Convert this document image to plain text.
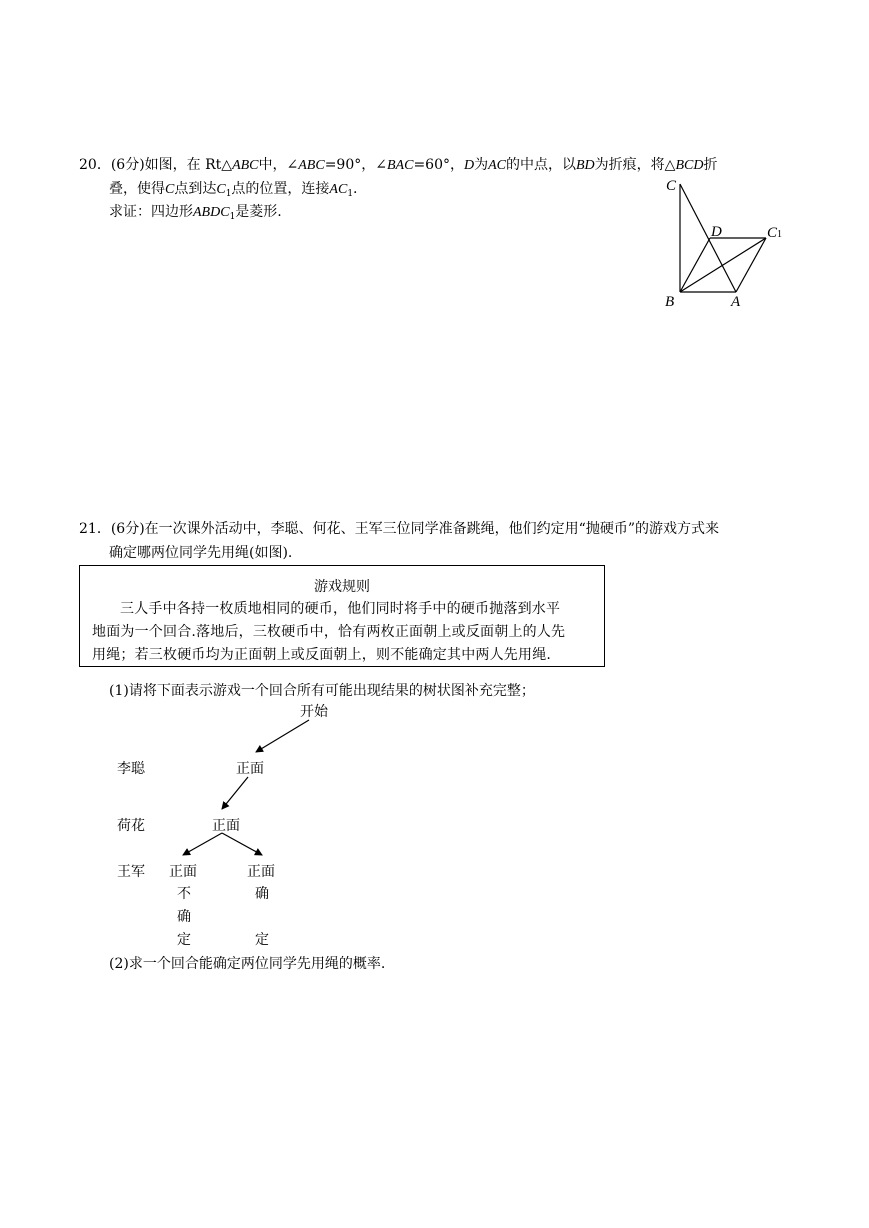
20．(6分)如图，在 Rt△ABC中，∠ABC=90°，∠BAC=60°，D为AC的中点，以BD为折痕，将△BCD折
叠，使得C点到达$C_1$点的位置，连接$AC_1$.
求证：四边形$ABDC_1$是菱形.
C
D	C1
B	A
21．(6分)在一次课外活动中，李聪、何花、王军三位同学准备跳绳，他们约定用“抛硬币”的游戏方式来
确定哪两位同学先用绳(如图).
游戏规则
三人手中各持一枚质地相同的硬币，他们同时将手中的硬币抛落到水平
地面为一个回合.落地后，三枚硬币中，恰有两枚正面朝上或反面朝上的人先
用绳；若三枚硬币均为正面朝上或反面朝上，则不能确定其中两人先用绳.
(1)请将下面表示游戏一个回合所有可能出现结果的树状图补充完整；
开始
李聪	正面
荷花	正面
王军 正面	正面
不
确
定
确
定
(2)求一个回合能确定两位同学先用绳的概率.
